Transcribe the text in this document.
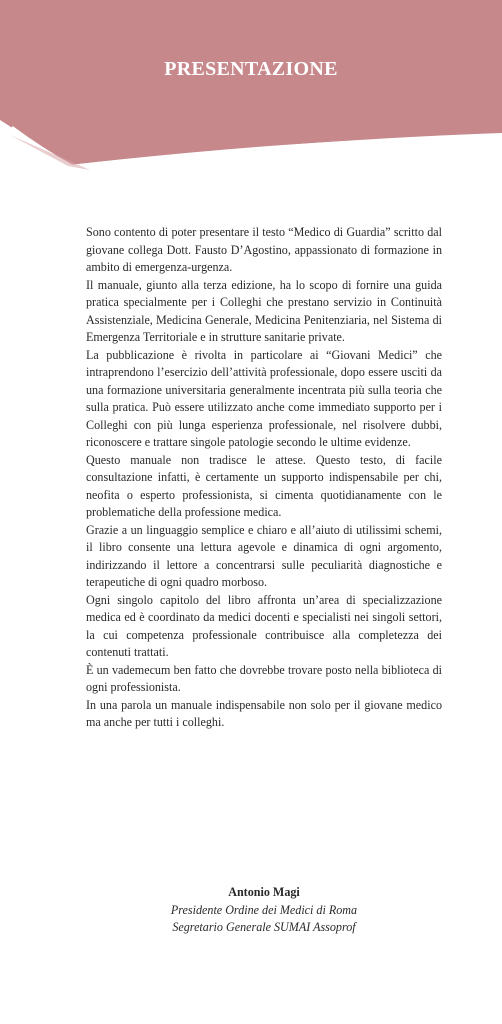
PRESENTAZIONE

Sono contento di poter presentare il testo “Medico di Guardia” scritto dal giovane collega Dott. Fausto D’Agostino, appassionato di formazione in ambito di emergenza-urgenza.

Il manuale, giunto alla terza edizione, ha lo scopo di fornire una guida pratica specialmente per i Colleghi che prestano servizio in Continuità Assistenziale, Medicina Generale, Medicina Penitenziaria, nel Sistema di Emergenza Territoriale e in strutture sanitarie private.

La pubblicazione è rivolta in particolare ai “Giovani Medici” che intraprendono l’esercizio dell’attività professionale, dopo essere usciti da una formazione universitaria generalmente incentrata più sulla teoria che sulla pratica. Può essere utilizzato anche come immediato supporto per i Colleghi con più lunga esperienza professionale, nel risolvere dubbi, riconoscere e trattare singole patologie secondo le ultime evidenze.

Questo manuale non tradisce le attese. Questo testo, di facile consultazione infatti, è certamente un supporto indispensabile per chi, neofita o esperto professionista, si cimenta quotidianamente con le problematiche della professione medica.

Grazie a un linguaggio semplice e chiaro e all’aiuto di utilissimi schemi, il libro consente una lettura agevole e dinamica di ogni argomento, indirizzando il lettore a concentrarsi sulle peculiarità diagnostiche e terapeutiche di ogni quadro morboso.

Ogni singolo capitolo del libro affronta un’area di specializzazione medica ed è coordinato da medici docenti e specialisti nei singoli settori, la cui competenza professionale contribuisce alla completezza dei contenuti trattati.

È un vademecum ben fatto che dovrebbe trovare posto nella biblioteca di ogni professionista.

In una parola un manuale indispensabile non solo per il giovane medico ma anche per tutti i colleghi.

Antonio Magi
Presidente Ordine dei Medici di Roma
Segretario Generale SUMAI Assoprof
